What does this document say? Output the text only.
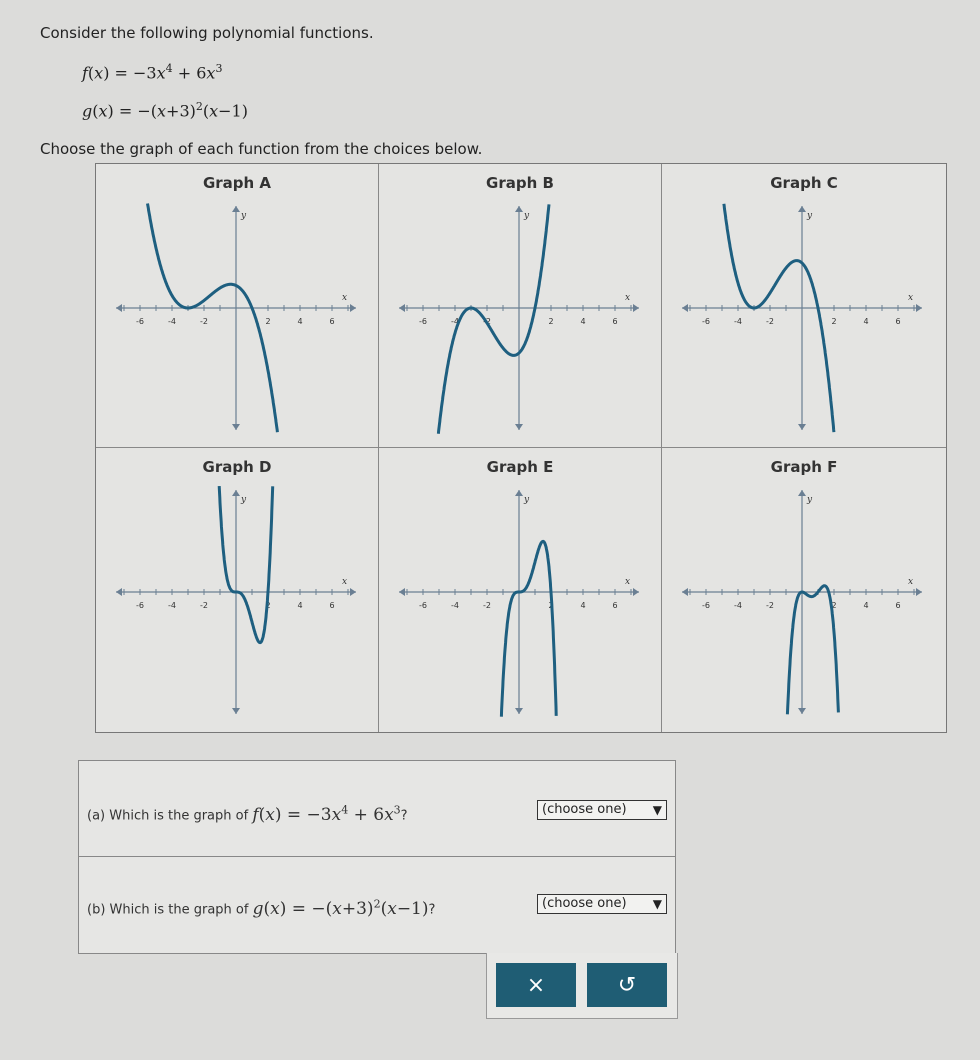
Consider the following polynomial functions.
$f(x) = -3x^4 + 6x^3$
$g(x) = -(x+3)^2(x-1)$
Choose the graph of each function from the choices below.
Graph A
-6	-4	-2	2	4	6
x
y
Graph B
-6	-4	-2	2	4	6
x
y
Graph C
-6	-4	-2	2	4	6
x
y
Graph D
-6	-4	-2	2	4	6
x
y
Graph E
-6	-4	-2	2	4	6
x
y
Graph F
-6	-4	-2	2	4	6
x
y
(a) Which is the graph of $f(x) = -3x^4 + 6x^3$?	(choose one) ▼
(b) Which is the graph of $g(x) = -(x+3)^2(x-1)$?	(choose one) ▼
×	↺
